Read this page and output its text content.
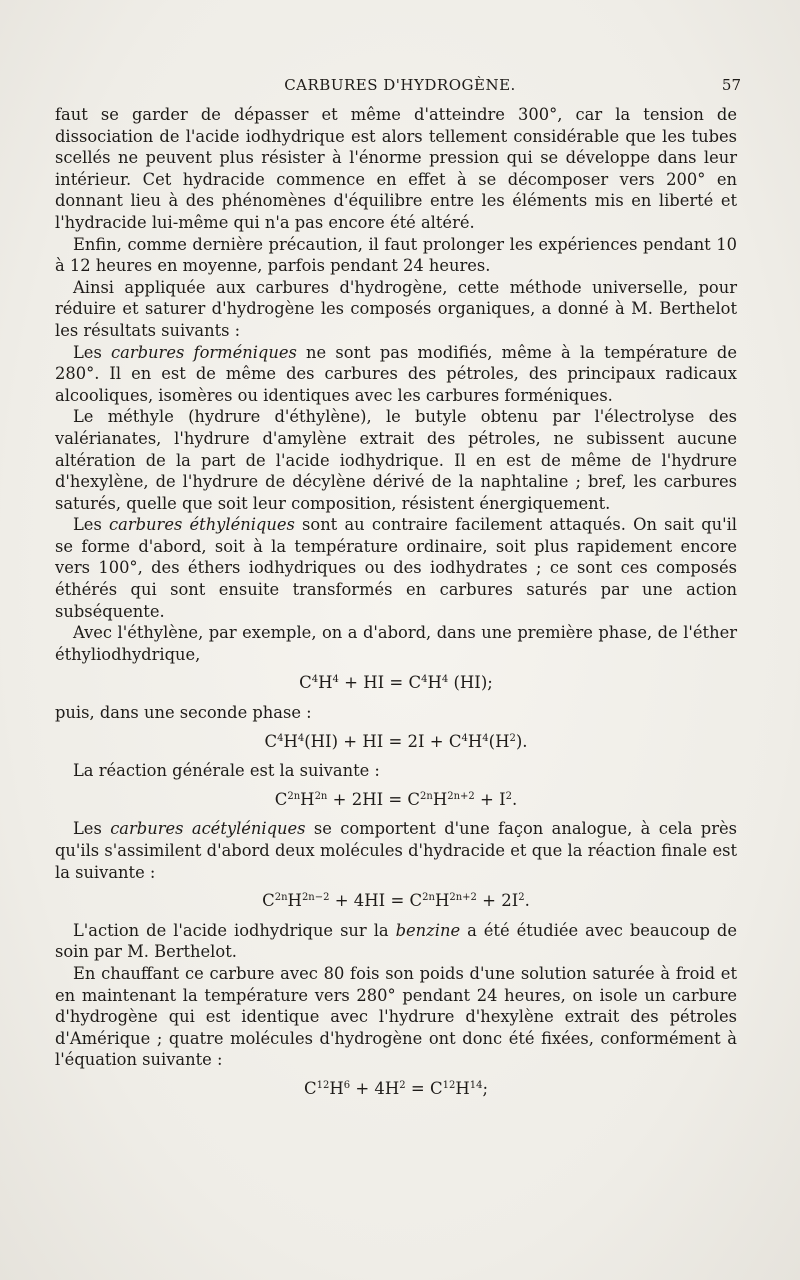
CARBURES D'HYDROGÈNE.	57

faut se garder de dépasser et même d'atteindre 300°, car la tension de dissociation de l'acide iodhydrique est alors tellement considérable que les tubes scellés ne peuvent plus résister à l'énorme pression qui se développe dans leur intérieur. Cet hydracide commence en effet à se décomposer vers 200° en donnant lieu à des phénomènes d'équilibre entre les éléments mis en liberté et l'hydracide lui-même qui n'a pas encore été altéré.

Enfin, comme dernière précaution, il faut prolonger les expériences pendant 10 à 12 heures en moyenne, parfois pendant 24 heures.

Ainsi appliquée aux carbures d'hydrogène, cette méthode universelle, pour réduire et saturer d'hydrogène les composés organiques, a donné à M. Berthelot les résultats suivants :

Les carbures forméniques ne sont pas modifiés, même à la température de 280°. Il en est de même des carbures des pétroles, des principaux radicaux alcooliques, isomères ou identiques avec les carbures forméniques.

Le méthyle (hydrure d'éthylène), le butyle obtenu par l'électrolyse des valérianates, l'hydrure d'amylène extrait des pétroles, ne subissent aucune altération de la part de l'acide iodhydrique. Il en est de même de l'hydrure d'hexylène, de l'hydrure de décylène dérivé de la naphtaline ; bref, les carbures saturés, quelle que soit leur composition, résistent énergiquement.

Les carbures éthyléniques sont au contraire facilement attaqués. On sait qu'il se forme d'abord, soit à la température ordinaire, soit plus rapidement encore vers 100°, des éthers iodhydriques ou des iodhydrates ; ce sont ces composés éthérés qui sont ensuite transformés en carbures saturés par une action subséquente.

Avec l'éthylène, par exemple, on a d'abord, dans une première phase, de l'éther éthyliodhydrique,

$C^4H^4$ + HI = $C^4H^4$ (HI);

puis, dans une seconde phase :

$C^4H^4(HI)$ + HI = $2I + C^4H^4(H^2)$.

La réaction générale est la suivante :

$C^{2n}H^{2n} + 2HI = C^{2n}H^{2n+2} + I^2$.

Les carbures acétyléniques se comportent d'une façon analogue, à cela près qu'ils s'assimilent d'abord deux molécules d'hydracide et que la réaction finale est la suivante :

$C^{2n}H^{2n-2} + 4HI = C^{2n}H^{2n+2} + 2I^2$.

L'action de l'acide iodhydrique sur la benzine a été étudiée avec beaucoup de soin par M. Berthelot.

En chauffant ce carbure avec 80 fois son poids d'une solution saturée à froid et en maintenant la température vers 280° pendant 24 heures, on isole un carbure d'hydrogène qui est identique avec l'hydrure d'hexylène extrait des pétroles d'Amérique ; quatre molécules d'hydrogène ont donc été fixées, conformément à l'équation suivante :

$C^{12}H^6 + 4H^2 = C^{12}H^{14}$;
